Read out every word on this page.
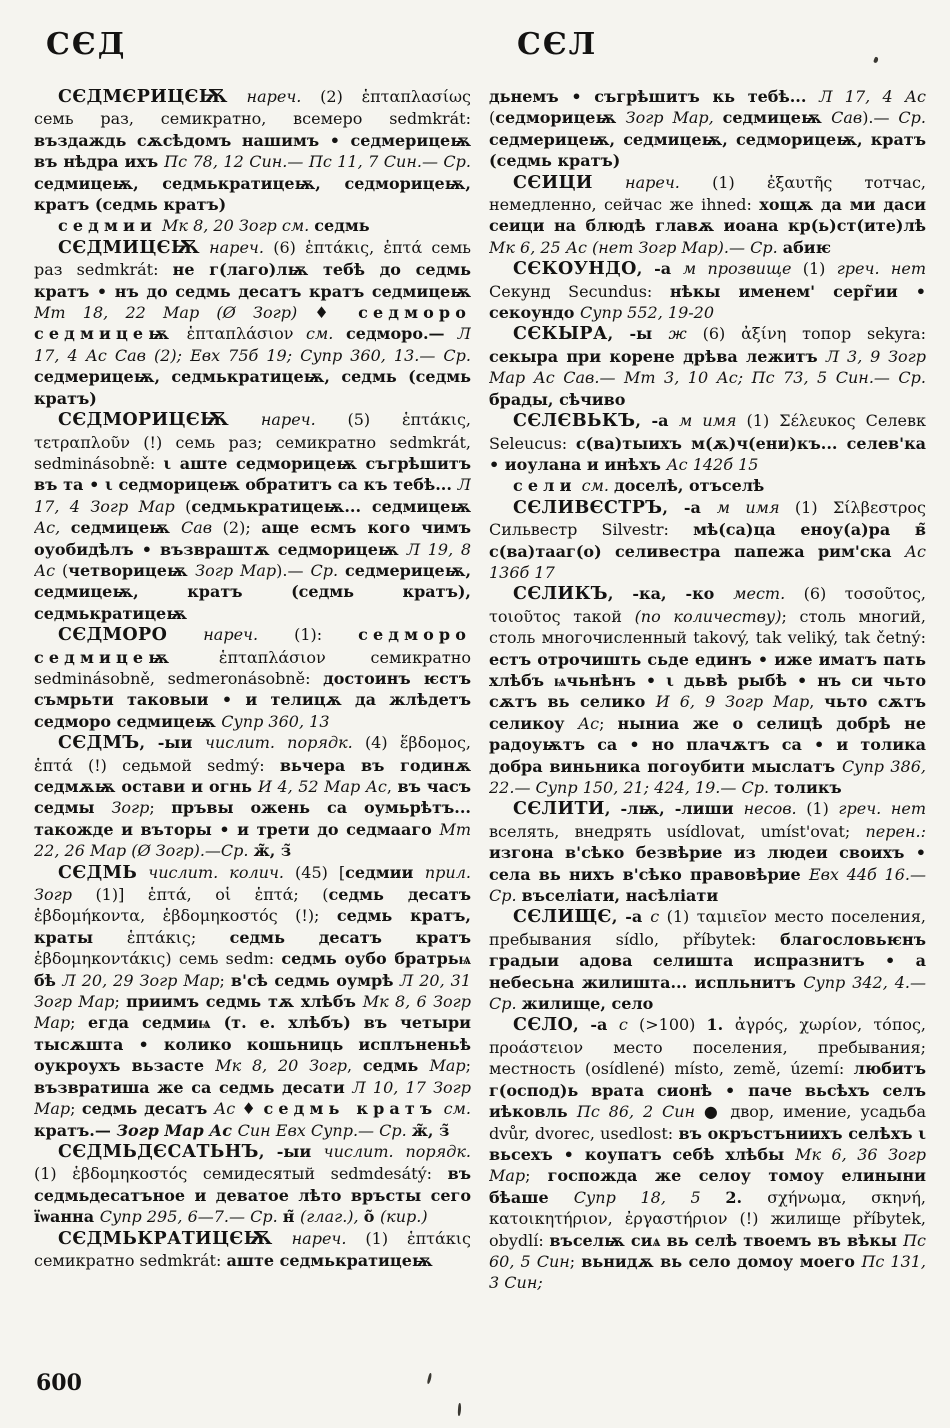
СЄД	СЄЛ

СЄДМЄРИЦЄѬ нареч. (2) ἑπταπλασίως семь раз, семикратно, всемеро sedmkrát: въздаждь сѫсѣдомъ нашимъ • седмерицеѭ въ нѣдра ихъ Пс 78, 12 Син.— Пс 11, 7 Син.— Ср. седмицеѭ, седмькратицеѭ, седморицеѭ, кратъ (седмь кратъ)

седмии Мк 8, 20 Зогр см. седмь

СЄДМИЦЄѬ нареч. (6) ἑπτάκις, ἑπτά семь раз sedmkrát: не г(лаго)лѭ тебѣ до седмь кратъ • нъ до седмь десатъ кратъ седмицеѭ Мт 18, 22 Мар (Ø Зогр) ♦ седморо седмицеѭ ἑπταπλάσιον см. седморо.— Л 17, 4 Ас Сав (2); Евх 75б 19; Супр 360, 13.— Ср. седмерицеѭ, седмькратицеѭ, седмь (седмь кратъ)

СЄДМОРИЦЄѬ нареч. (5) ἑπτάκις, τετραπλοῦν (!) семь раз; семикратно sedmkrát, sedminásobně: ι аште седморицеѭ съгрѣшитъ въ та • ι седморицеѭ обратитъ са къ тебѣ... Л 17, 4 Зогр Мар (седмькратицеѭ... седмицеѭ Ас, седмицеѭ Сав (2); аще есмъ кого чимъ оуобидѣлъ • възвраштѫ седморицеѭ Л 19, 8 Ас (четворицеѭ Зогр Мар).— Ср. седмерицеѭ, седмицеѭ, кратъ (седмь кратъ), седмькратицеѭ

СЄДМОРО нареч. (1): седморо седмицеѭ ἑπταπλάσιον семикратно sedminásobně, sedmeronásobně: достоинъ ѥстъ съмрьти таковыи • и телицѫ да жлѣдетъ седморо седмицеѭ Супр 360, 13

СЄДМЪ, -ыи числит. порядк. (4) ἕβδομος, ἑπτά (!) седьмой sedmý: вьчера въ годинѫ седмѫѭ остави и огнь И 4, 52 Мар Ас, въ часъ седмы Зогр; пръвы ожень са оумьрѣтъ... такожде и въторы • и трети до седмааго Мт 22, 26 Мар (Ø Зогр).—Ср. ж̃, з̃

СЄДМЬ числит. колич. (45) [седмии прил. Зогр (1)] ἑπτά, οἱ ἑπτά; (седмь десатъ ἑβδομήκοντα, ἑβδομηκοστός (!); седмь кратъ, краты ἑπτάκις; седмь десатъ кратъ ἑβδομηκοντάκις) семь sedm: седмь оубо братрьѩ бѣ Л 20, 29 Зогр Мар; в'сѣ седмь оумрѣ Л 20, 31 Зогр Мар; приимъ седмь тѫ хлѣбъ Мк 8, 6 Зогр Мар; егда седмиѩ (т. е. хлѣбъ) въ четыри тысѫшта • колико кошьниць исплъненьѣ оукроухъ вьзасте Мк 8, 20 Зогр, седмь Мар; възвратиша же са седмь десати Л 10, 17 Зогр Мар; седмь десатъ Ас ♦ седмь кратъ см. кратъ.— Зогр Мар Ас Син Евх Супр.— Ср. ж̃, з̃

СЄДМЬДЄСАТЬНЪ, -ыи числит. порядк. (1) ἑβδομηκοστός семидесятый sedmdesátý: въ седмьдесатъное и деватое лѣто връсты сего їѡанна Супр 295, 6—7.— Ср. н̃ (глаг.), о̃ (кир.)

СЄДМЬКРАТИЦЄѬ нареч. (1) ἑπτάκις семикратно sedmkrát: аште седмькратицеѭ

дьнемъ • съгрѣшитъ кь тебѣ... Л 17, 4 Ас (седморицеѭ Зогр Мар, седмицеѭ Сав).— Ср. седмерицеѭ, седмицеѭ, седморицеѭ, кратъ (седмь кратъ)

СЄИЦИ нареч. (1) ἐξαυτῆς тотчас, немедленно, сейчас же ihned: хощѫ да ми даси сеици на блюдѣ главѫ иоана кр(ь)ст(ите)лѣ Мк 6, 25 Ас (нет Зогр Мар).— Ср. абиѥ

СЄКОУНДО, -а м прозвище (1) греч. нет Секунд Secundus: нѣкы именем' серг̃ии • секоундо Супр 552, 19-20

СЄКЫРА, -ы ж (6) ἀξίνη топор sekyra: секыра при корене дрѣва лежитъ Л 3, 9 Зогр Мар Ас Сав.— Мт 3, 10 Ас; Пс 73, 5 Син.— Ср. брады, сѣчиво

СЄЛЄВЬКЪ, -а м имя (1) Σέλευκος Селевк Seleucus: с(ва)тыихъ м(ѫ)ч(ени)къ... селев'ка • иоулана и инѣхъ Ас 142б 15

сели см. доселѣ, отъселѣ

СЄЛИВЄСТРЪ, -а м имя (1) Σίλβεστρος Сильвестр Silvestr: мѣ(са)ца еноу(а)ра в̃ с(ва)тааг(о) селивестра папежа рим'ска Ас 136б 17

СЄЛИКЪ, -ка, -ко мест. (6) τοσοῦτος, τοιοῦτος такой (по количеству); столь многий, столь многочисленный takový, tak veliký, tak četný: естъ отрочишть сьде единъ • иже иматъ пать хлѣбъ ѩчьнѣнъ • ι дьвѣ рыбѣ • нъ си чьто сѫтъ вь селико И 6, 9 Зогр Мар, чьто сѫтъ селикоу Ас; ныниа же о селицѣ добрѣ не радоуѭтъ са • но плачѫтъ са • и толика добра виньника погоубити мыслатъ Супр 386, 22.— Супр 150, 21; 424, 19.— Ср. толикъ

СЄЛИТИ, -лѭ, -лиши несов. (1) греч. нет вселять, внедрять usídlovat, umíst'ovat; перен.: изгона в'сѣко безвѣрие из людеи своихъ • села вь нихъ в'сѣко правовѣрие Евх 44б 16.— Ср. въселіати, насѣліати

СЄЛИЩЄ, -а с (1) ταμιεῖον место поселения, пребывания sídlo, příbytek: благословьѥнъ градыи адова селишта испразнитъ • а небесьна жилишта... испльнитъ Супр 342, 4.— Ср. жилище, село

СЄЛО, -а с (>100) 1. ἀγρός, χωρίον, τόπος, προάστειον место поселения, пребывания; местность (osídlené) místo, země, území: любитъ г(оспод)ь врата сионѣ • паче вьсѣхъ селъ иѣковль Пс 86, 2 Син ● двор, имение, усадьба dvůr, dvorec, usedlost: въ окръстъниихъ селѣхъ ι вьсехъ • коупатъ себѣ хлѣбы Мк 6, 36 Зогр Мар; госпожда же селоу томоу елиныни бѣаше Супр 18, 5 2. σχήνωμα, σκηνή, κατοικητήριον, ἐργαστήριον (!) жилище příbytek, obydlí: въселѭ сиѧ вь селѣ твоемъ въ вѣкы Пс 60, 5 Син; вьнидѫ вь село домоу моего Пс 131, 3 Син;

600
